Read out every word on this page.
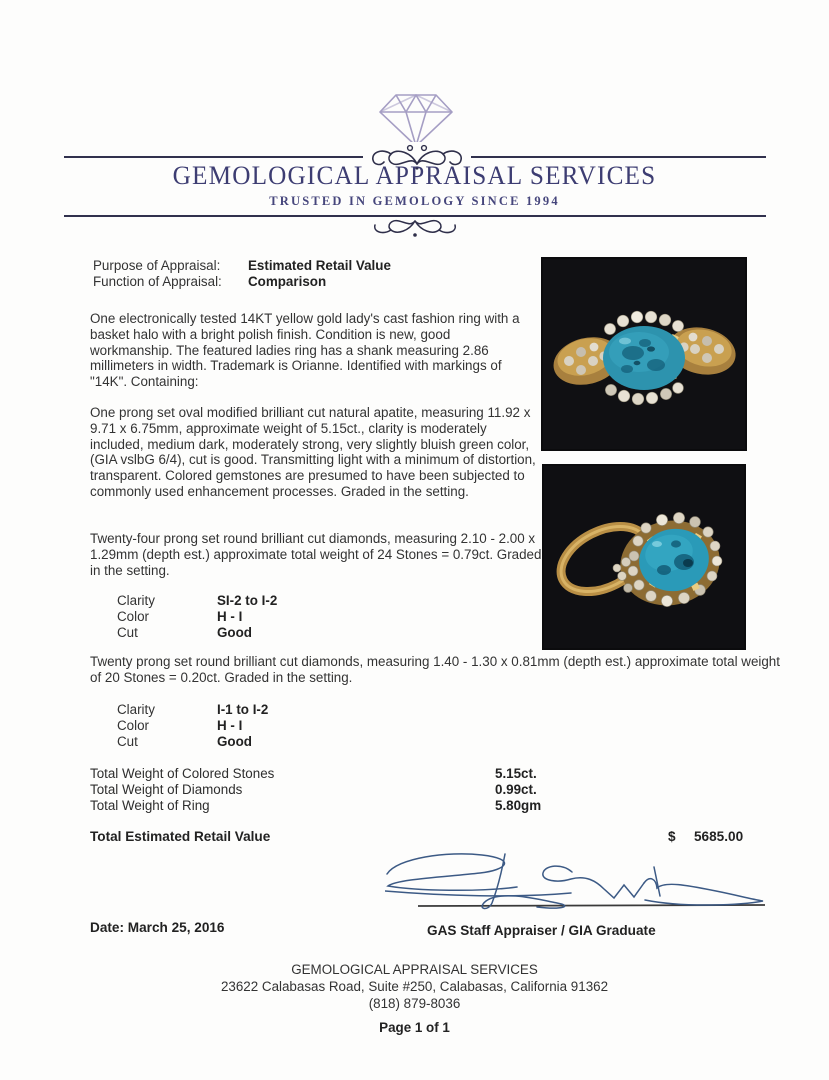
GEMOLOGICAL APPRAISAL SERVICES
TRUSTED IN GEMOLOGY SINCE 1994
Purpose of Appraisal:	Estimated Retail Value
Function of Appraisal:	Comparison

One electronically tested 14KT yellow gold lady's cast fashion ring with a basket halo with a bright polish finish. Condition is new, good workmanship. The featured ladies ring has a shank measuring 2.86 millimeters in width. Trademark is Orianne. Identified with markings of "14K". Containing:

One prong set oval modified brilliant cut natural apatite, measuring 11.92 x 9.71 x 6.75mm, approximate weight of 5.15ct., clarity is moderately included, medium dark, moderately strong, very slightly bluish green color, (GIA vslbG 6/4), cut is good. Transmitting light with a minimum of distortion, transparent. Colored gemstones are presumed to have been subjected to commonly used enhancement processes. Graded in the setting.

Twenty-four prong set round brilliant cut diamonds, measuring 2.10 - 2.00 x 1.29mm (depth est.) approximate total weight of 24 Stones = 0.79ct. Graded in the setting.

Clarity	SI-2 to I-2
Color	H - I
Cut	Good

Twenty prong set round brilliant cut diamonds, measuring 1.40 - 1.30 x 0.81mm (depth est.) approximate total weight of 20 Stones = 0.20ct. Graded in the setting.

Clarity	I-1 to I-2
Color	H - I
Cut	Good
Total Weight of Colored Stones	5.15ct.
Total Weight of Diamonds	0.99ct.
Total Weight of Ring	5.80gm
Total Estimated Retail Value	$ 5685.00
Date: March 25, 2016	GAS Staff Appraiser / GIA Graduate
GEMOLOGICAL APPRAISAL SERVICES
23622 Calabasas Road, Suite #250, Calabasas, California 91362
(818) 879-8036
Page 1 of 1
